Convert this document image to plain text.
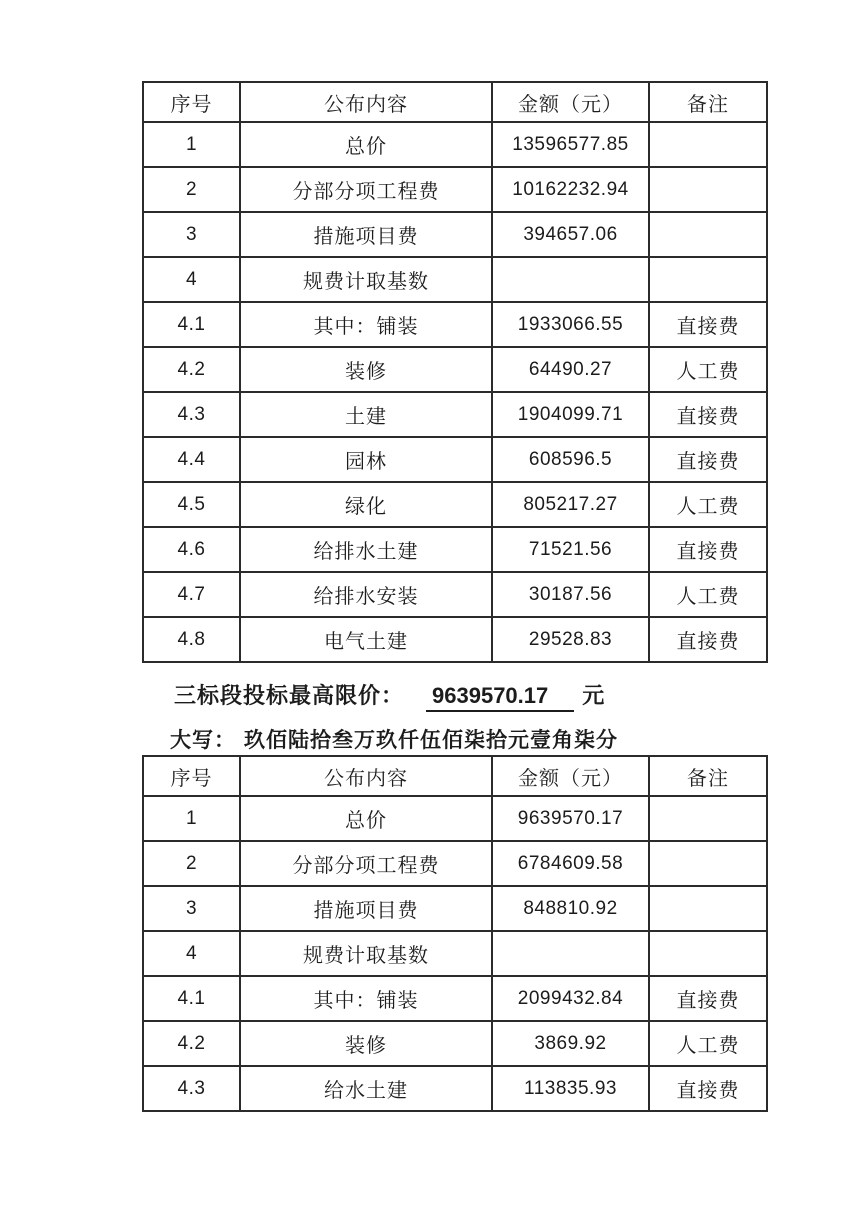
序号	公布内容	金额（元）	备注
1	总价	13596577.85	
2	分部分项工程费	10162232.94	
3	措施项目费	394657.06	
4	规费计取基数		
4.1	其中：铺装	1933066.55	直接费
4.2	装修	64490.27	人工费
4.3	土建	1904099.71	直接费
4.4	园林	608596.5	直接费
4.5	绿化	805217.27	人工费
4.6	给排水土建	71521.56	直接费
4.7	给排水安装	30187.56	人工费
4.8	电气土建	29528.83	直接费
三标段投标最高限价： 9639570.17 元
大写： 玖佰陆拾叁万玖仟伍佰柒拾元壹角柒分
序号	公布内容	金额（元）	备注
1	总价	9639570.17	
2	分部分项工程费	6784609.58	
3	措施项目费	848810.92	
4	规费计取基数		
4.1	其中：铺装	2099432.84	直接费
4.2	装修	3869.92	人工费
4.3	给水土建	113835.93	直接费
